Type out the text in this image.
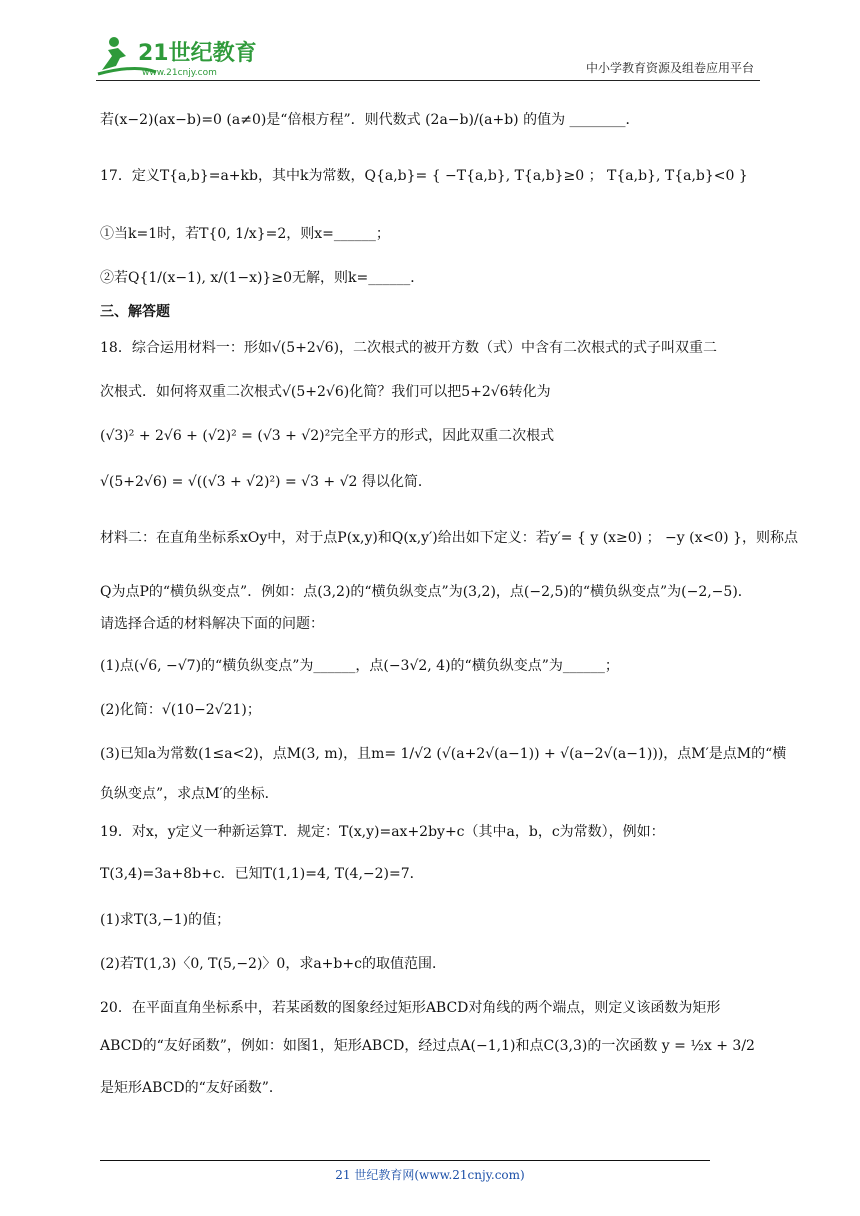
21世纪教育
www.21cnjy.com	中小学教育资源及组卷应用平台
若(x−2)(ax−b)=0 (a≠0)是“倍根方程”．则代数式 (2a−b)/(a+b) 的值为 ________．
17．定义T{a,b}=a+kb，其中k为常数，Q{a,b}= { −T{a,b}, T{a,b}≥0 ； T{a,b}, T{a,b}<0 }
①当k=1时，若T{0, 1/x}=2，则x=______；
②若Q{1/(x−1), x/(1−x)}≥0无解，则k=______．
三、解答题
18．综合运用材料一：形如√(5+2√6)，二次根式的被开方数（式）中含有二次根式的式子叫双重二
次根式．如何将双重二次根式√(5+2√6)化简？我们可以把5+2√6转化为
(√3)² + 2√6 + (√2)² = (√3 + √2)²完全平方的形式，因此双重二次根式
√(5+2√6) = √((√3 + √2)²) = √3 + √2 得以化简．
材料二：在直角坐标系xOy中，对于点P(x,y)和Q(x,y′)给出如下定义：若y′= { y (x≥0) ； −y (x<0) }，则称点
Q为点P的“横负纵变点”．例如：点(3,2)的“横负纵变点”为(3,2)，点(−2,5)的“横负纵变点”为(−2,−5)．
请选择合适的材料解决下面的问题：
(1)点(√6, −√7)的“横负纵变点”为______，点(−3√2, 4)的“横负纵变点”为______；
(2)化简：√(10−2√21)；
(3)已知a为常数(1≤a<2)，点M(3, m)，且m= 1/√2 (√(a+2√(a−1)) + √(a−2√(a−1)))，点M′是点M的“横
负纵变点”，求点M′的坐标．
19．对x，y定义一种新运算T．规定：T(x,y)=ax+2by+c（其中a，b，c为常数），例如：
T(3,4)=3a+8b+c．已知T(1,1)=4, T(4,−2)=7．
(1)求T(3,−1)的值；
(2)若T(1,3)〈0, T(5,−2)〉0，求a+b+c的取值范围．
20．在平面直角坐标系中，若某函数的图象经过矩形ABCD对角线的两个端点，则定义该函数为矩形
ABCD的“友好函数”，例如：如图1，矩形ABCD，经过点A(−1,1)和点C(3,3)的一次函数 y = ½x + 3/2
是矩形ABCD的“友好函数”．
21 世纪教育网(www.21cnjy.com)
